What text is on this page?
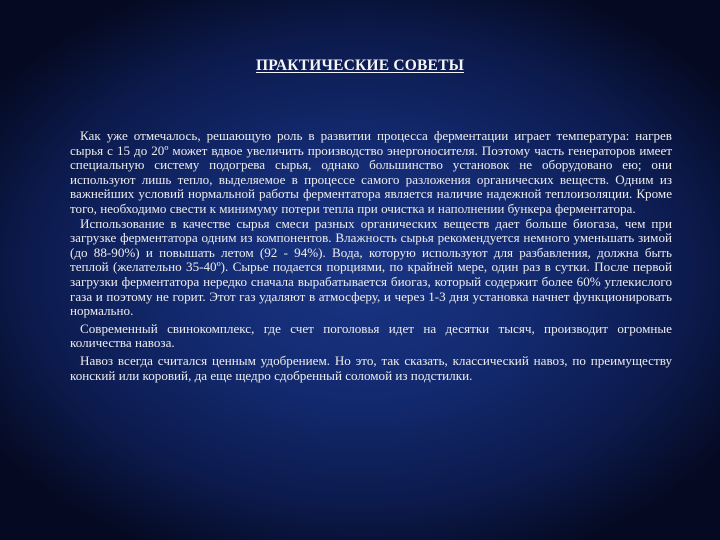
ПРАКТИЧЕСКИЕ СОВЕТЫ

Как уже отмечалось, решающую роль в развитии процесса ферментации играет температура: нагрев сырья с 15 до 20º может вдвое увеличить производство энергоносителя. Поэтому часть генераторов имеет специальную систему подогрева сырья, однако большинство установок не оборудовано ею; они используют лишь тепло, выделяемое в процессе самого разложения органических веществ. Одним из важнейших условий нормальной работы ферментатора является наличие надежной теплоизоляции. Кроме того, необходимо свести к минимуму потери тепла при очистка и наполнении бункера ферментатора.

Использование в качестве сырья смеси разных органических веществ дает больше биогаза, чем при загрузке ферментатора одним из компонентов. Влажность сырья рекомендуется немного уменьшать зимой (до 88-90%) и повышать летом (92 - 94%). Вода, которую используют для разбавления, должна быть теплой (желательно 35-40º). Сырье подается порциями, по крайней мере, один раз в сутки. После первой загрузки ферментатора нередко сначала вырабатывается биогаз, который содержит более 60% углекислого газа и поэтому не горит. Этот газ удаляют в атмосферу, и через 1-3 дня установка начнет функционировать нормально.

Современный свинокомплекс, где счет поголовья идет на десятки тысяч, производит огромные количества навоза.

Навоз всегда считался ценным удобрением. Но это, так сказать, классический навоз, по преимуществу конский или коровий, да еще щедро сдобренный соломой из подстилки.
